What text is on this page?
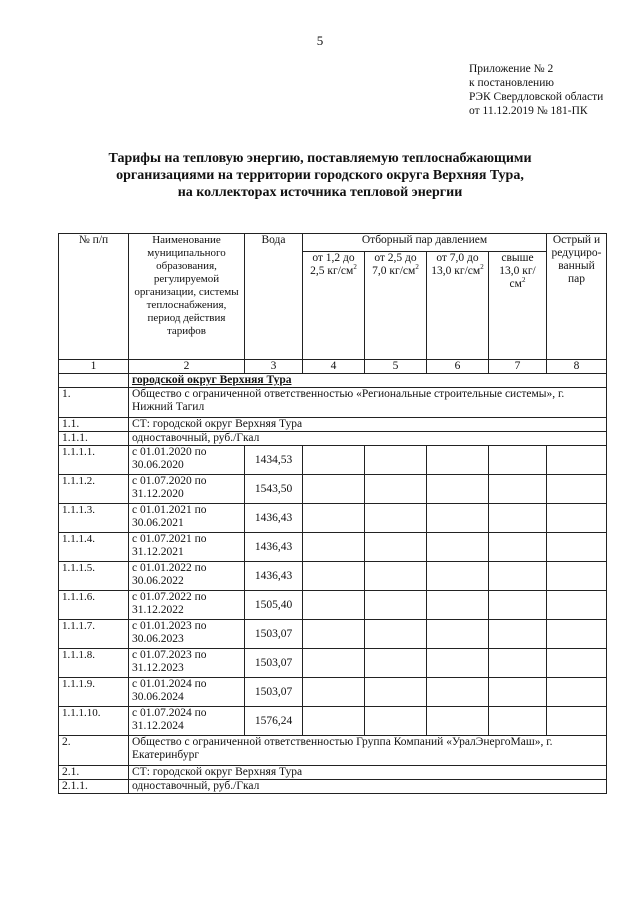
5
Приложение № 2
к постановлению
РЭК Свердловской области
от 11.12.2019 № 181-ПК
Тарифы на тепловую энергию, поставляемую теплоснабжающими
организациями на территории городского округа Верхняя Тура,
на коллекторах источника тепловой энергии
№ п/п	Наименование муниципального образования, регулируемой организации, системы теплоснабжения, период действия тарифов	Вода	Отборный пар давлением				Острый и редуциро-ванный пар
			от 1,2 до 2,5 $кг/см^2$	от 2,5 до 7,0 $кг/см^2$	от 7,0 до 13,0 $кг/см^2$	свыше 13,0 $кг/см^2$
1	2	3	4	5	6	7	8
	городской округ Верхняя Тура						
1.	Общество с ограниченной ответственностью «Региональные строительные системы», г. Нижний Тагил						
1.1.	СТ: городской округ Верхняя Тура						
1.1.1.	одноставочный, руб./Гкал						
1.1.1.1.	с 01.01.2020 по 30.06.2020	1434,53					
1.1.1.2.	с 01.07.2020 по 31.12.2020	1543,50					
1.1.1.3.	с 01.01.2021 по 30.06.2021	1436,43					
1.1.1.4.	с 01.07.2021 по 31.12.2021	1436,43					
1.1.1.5.	с 01.01.2022 по 30.06.2022	1436,43					
1.1.1.6.	с 01.07.2022 по 31.12.2022	1505,40					
1.1.1.7.	с 01.01.2023 по 30.06.2023	1503,07					
1.1.1.8.	с 01.07.2023 по 31.12.2023	1503,07					
1.1.1.9.	с 01.01.2024 по 30.06.2024	1503,07					
1.1.1.10.	с 01.07.2024 по 31.12.2024	1576,24					
2.	Общество с ограниченной ответственностью Группа Компаний «УралЭнергоМаш», г. Екатеринбург						
2.1.	СТ: городской округ Верхняя Тура						
2.1.1.	одноставочный, руб./Гкал						
